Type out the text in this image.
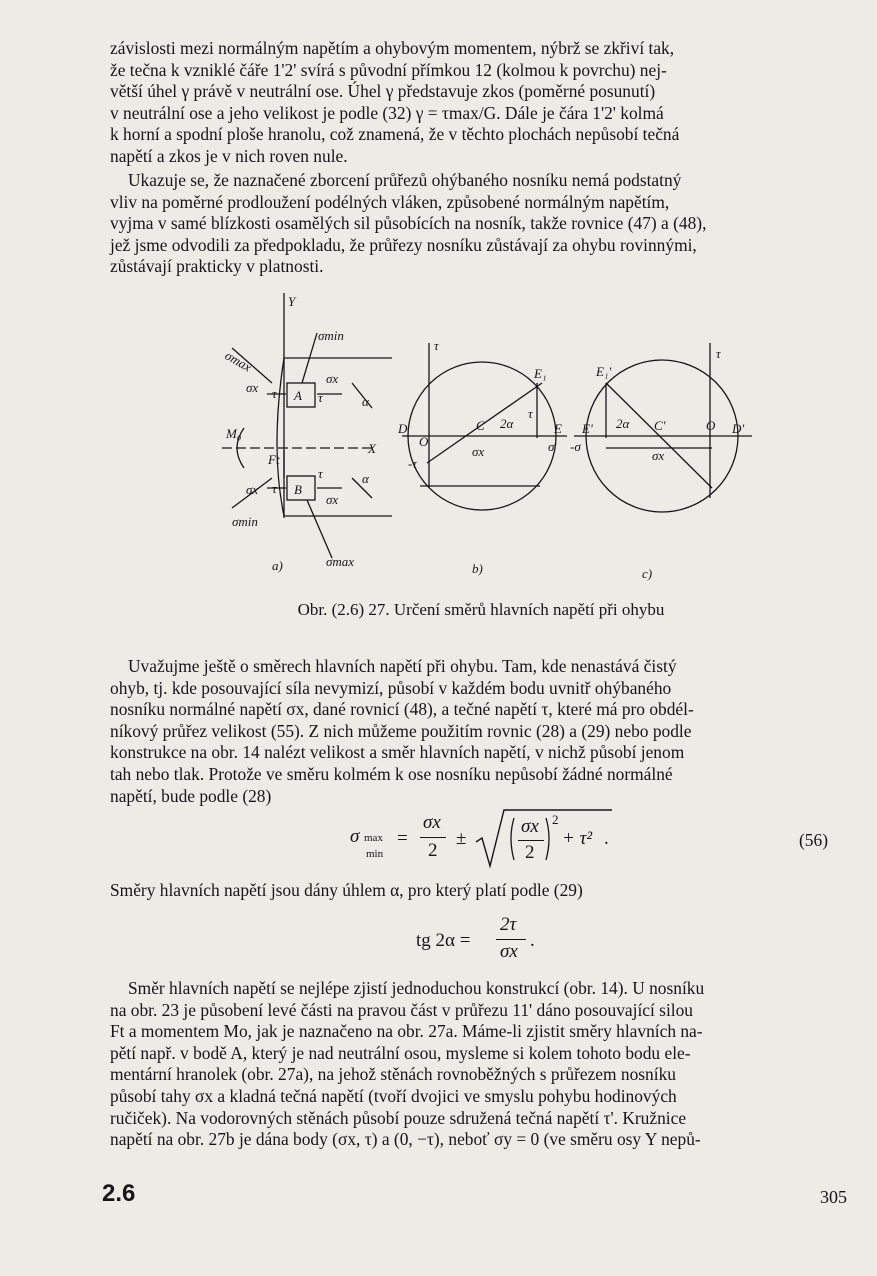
závislosti mezi normálným napětím a ohybovým momentem, nýbrž se zkřiví tak,
že tečna k vzniklé čáře 1'2' svírá s původní přímkou 12 (kolmou k povrchu) nej-
větší úhel γ právě v neutrální ose. Úhel γ představuje zkos (poměrné posunutí)
v neutrální ose a jeho velikost je podle (32) γ = τmax/G. Dále je čára 1'2' kolmá
k horní a spodní ploše hranolu, což znamená, že v těchto plochách nepůsobí tečná
napětí a zkos je v nich roven nule.
Ukazuje se, že naznačené zborcení průřezů ohýbaného nosníku nemá podstatný
vliv na poměrné prodloužení podélných vláken, způsobené normálným napětím,
vyjma v samé blízkosti osamělých sil působících na nosník, takže rovnice (47) a (48),
jež jsme odvodili za předpokladu, že průřezy nosníku zůstávají za ohybu rovinnými,
zůstávají prakticky v platnosti.
Y
σmin
σmax
σx τ A
σx
τ	α
M₀
Ft
X
τ	α
σx	B
σx
τ
σmin
σmax
a)
τ
E₁
D
O
C 2α
τ
E
σ
-τ
σx
b)
τ
E₁'
E'
-σ
2α C'	O D'
σx
c)
Obr. (2.6) 27. Určení směrů hlavních napětí při ohybu
Uvažujme ještě o směrech hlavních napětí při ohybu. Tam, kde nenastává čistý
ohyb, tj. kde posouvající síla nevymizí, působí v každém bodu uvnitř ohýbaného
nosníku normálné napětí σx, dané rovnicí (48), a tečné napětí τ, které má pro obdél-
níkový průřez velikost (55). Z nich můžeme použitím rovnic (28) a (29) nebo podle
konstrukce na obr. 14 nalézt velikost a směr hlavních napětí, v nichž působí jenom
tah nebo tlak. Protože ve směru kolmém k ose nosníku nepůsobí žádné normálné
napětí, bude podle (28)
σ max
min
=
σx
2
±
σx
2
2
+ τ² .	(56)
Směry hlavních napětí jsou dány úhlem α, pro který platí podle (29)
tg 2α =
2τ
σx
.
Směr hlavních napětí se nejlépe zjistí jednoduchou konstrukcí (obr. 14). U nosníku
na obr. 23 je působení levé části na pravou část v průřezu 11' dáno posouvající silou
Ft a momentem Mo, jak je naznačeno na obr. 27a. Máme-li zjistit směry hlavních na-
pětí např. v bodě A, který je nad neutrální osou, mysleme si kolem tohoto bodu ele-
mentární hranolek (obr. 27a), na jehož stěnách rovnoběžných s průřezem nosníku
působí tahy σx a kladná tečná napětí (tvoří dvojici ve smyslu pohybu hodinových
ručiček). Na vodorovných stěnách působí pouze sdružená tečná napětí τ'. Kružnice
napětí na obr. 27b je dána body (σx, τ) a (0, −τ), neboť σy = 0 (ve směru osy Y nepů-
2.6	305
